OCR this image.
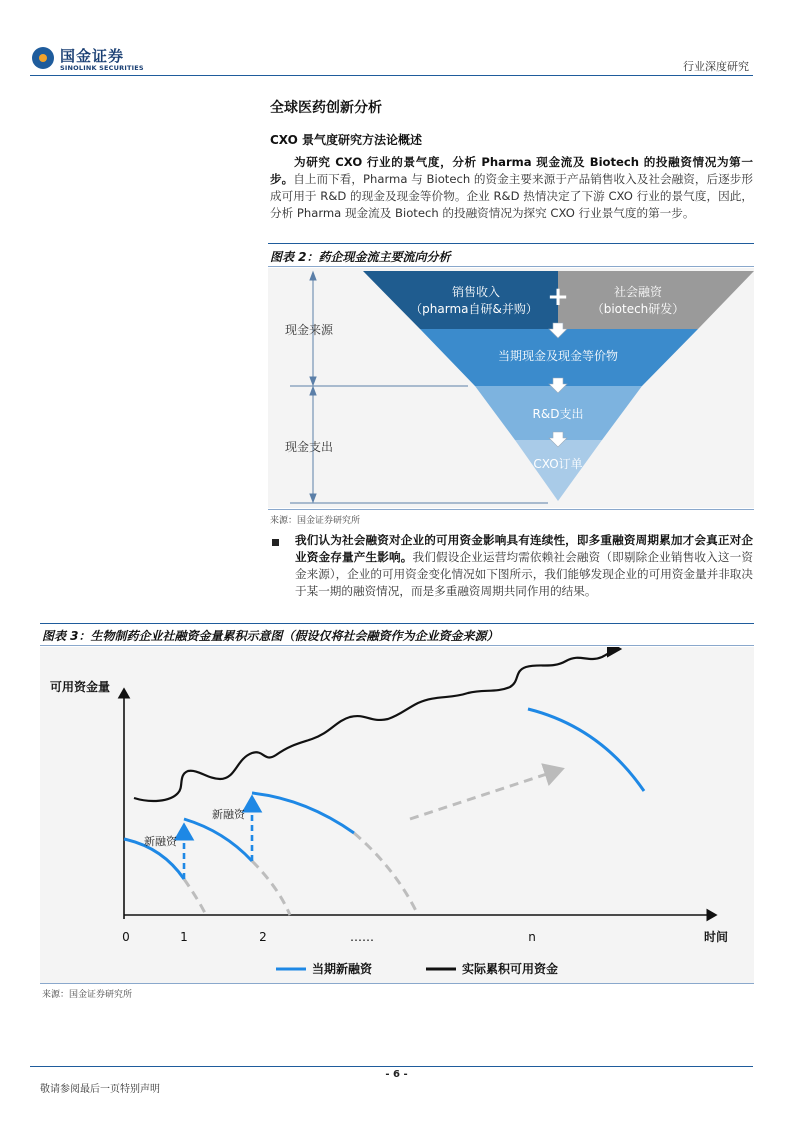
国金证券
SINOLINK SECURITIES	行业深度研究
全球医药创新分析
CXO 景气度研究方法论概述
为研究 CXO 行业的景气度，分析 Pharma 现金流及 Biotech 的投融资情况为第一步。自上而下看，Pharma 与 Biotech 的资金主要来源于产品销售收入及社会融资，后逐步形成可用于 R&D 的现金及现金等价物。企业 R&D 热情决定了下游 CXO 行业的景气度，因此，分析 Pharma 现金流及 Biotech 的投融资情况为探究 CXO 行业景气度的第一步。
图表 2：药企现金流主要流向分析
现金来源
现金支出
销售收入
（pharma自研&并购） +	社会融资
（biotech研发）
当期现金及现金等价物
R&D支出
CXO订单
来源：国金证券研究所
我们认为社会融资对企业的可用资金影响具有连续性，即多重融资周期累加才会真正对企业资金存量产生影响。我们假设企业运营均需依赖社会融资（即剔除企业销售收入这一资金来源），企业的可用资金变化情况如下图所示，我们能够发现企业的可用资金量并非取决于某一期的融资情况，而是多重融资周期共同作用的结果。
图表 3：生物制药企业社融资金量累积示意图（假设仅将社会融资作为企业资金来源）
可用资金量
时间
0	1	2	……	n
新融资
新融资
当期新融资	实际累积可用资金
来源：国金证券研究所
- 6 -
敬请参阅最后一页特别声明
